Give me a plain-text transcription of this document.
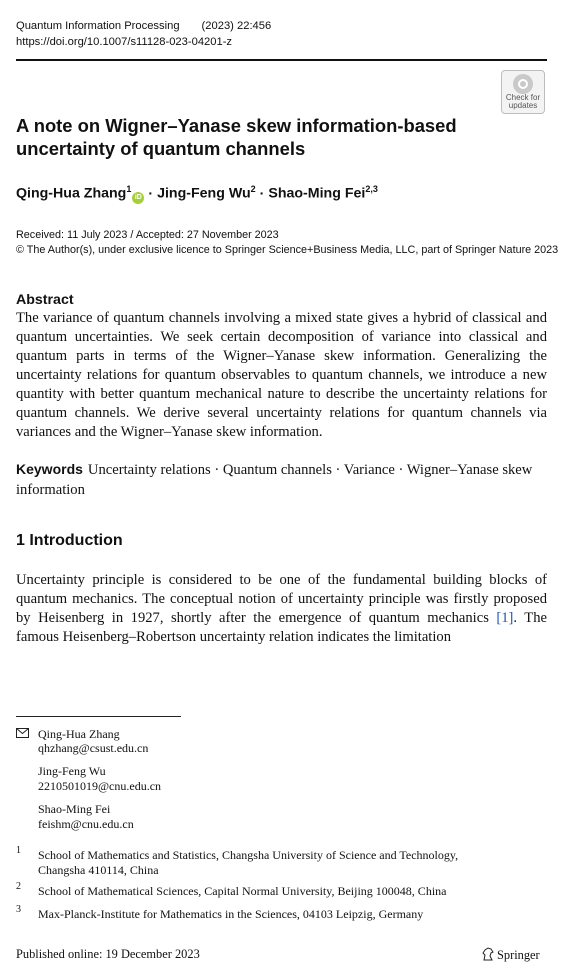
Quantum Information Processing (2023) 22:456
https://doi.org/10.1007/s11128-023-04201-z
Check for
updates
A note on Wigner–Yanase skew information-based uncertainty of quantum channels
Qing-Hua Zhang$^1$iD · Jing-Feng $Wu^2$ · Shao-Ming Fei$^{2,3}$
Received: 11 July 2023 / Accepted: 27 November 2023
© The Author(s), under exclusive licence to Springer Science+Business Media, LLC, part of Springer Nature 2023
Abstract
The variance of quantum channels involving a mixed state gives a hybrid of classical and quantum uncertainties. We seek certain decomposition of variance into classical and quantum parts in terms of the Wigner–Yanase skew information. Generalizing the uncertainty relations for quantum observables to quantum channels, we introduce a new quantity with better quantum mechanical nature to describe the uncertainty relations for quantum channels. We derive several uncertainty relations for quantum channels via variances and the Wigner–Yanase skew information.
Keywords Uncertainty relations · Quantum channels · Variance · Wigner–Yanase skew information
1 Introduction
Uncertainty principle is considered to be one of the fundamental building blocks of quantum mechanics. The conceptual notion of uncertainty principle was firstly proposed by Heisenberg in 1927, shortly after the emergence of quantum mechanics [1]. The famous Heisenberg–Robertson uncertainty relation indicates the limitation
Qing-Hua Zhang
qhzhang@csust.edu.cn
Jing-Feng Wu
2210501019@cnu.edu.cn
Shao-Ming Fei
feishm@cnu.edu.cn
1 School of Mathematics and Statistics, Changsha University of Science and Technology, Changsha 410114, China
2 School of Mathematical Sciences, Capital Normal University, Beijing 100048, China
3 Max-Planck-Institute for Mathematics in the Sciences, 04103 Leipzig, Germany
Published online: 19 December 2023	Springer
